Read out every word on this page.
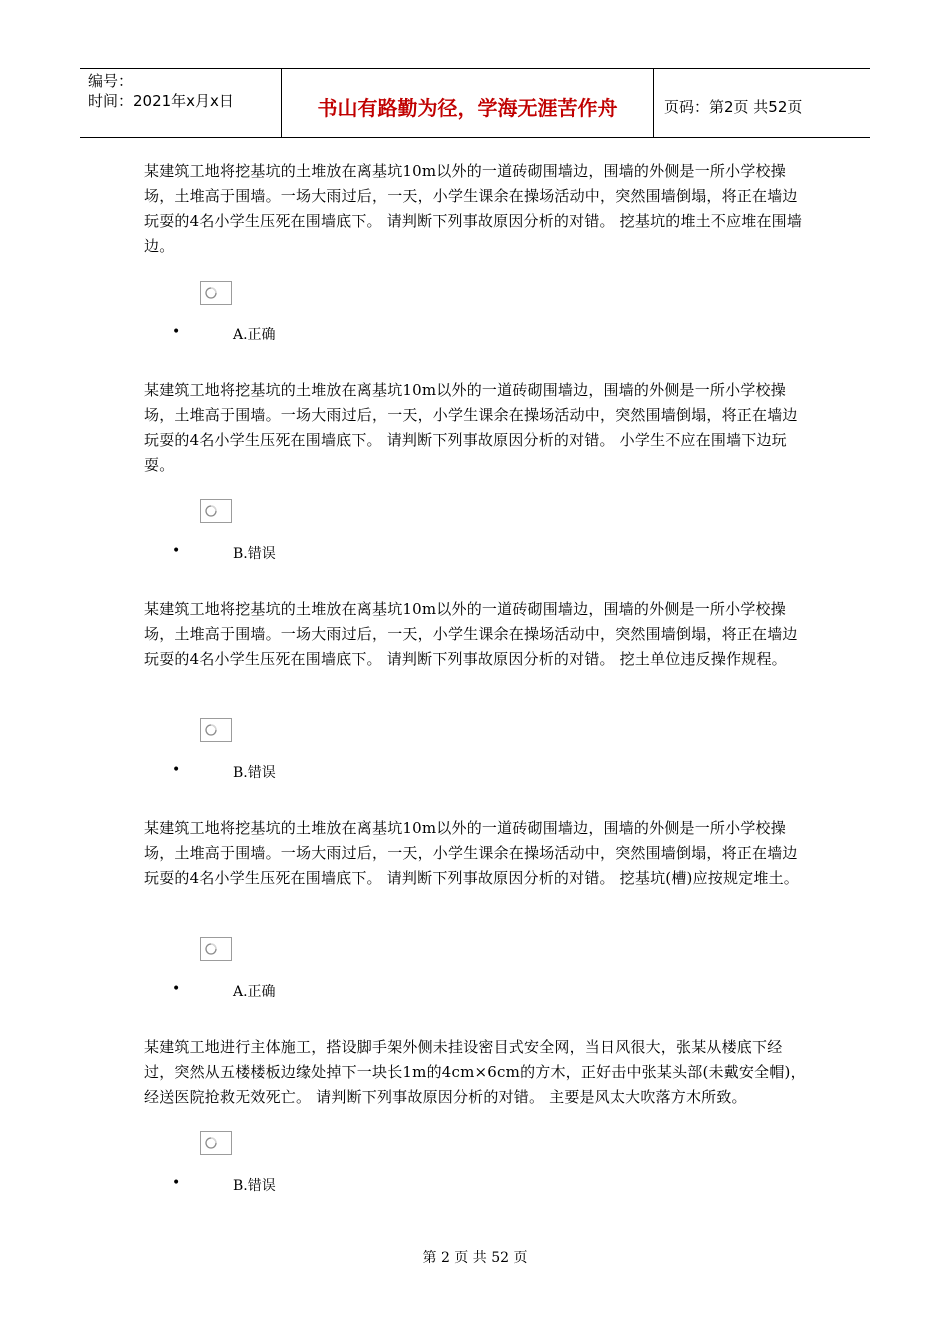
编号：
时间：2021年x月x日	书山有路勤为径，学海无涯苦作舟	页码：第2页 共52页
某建筑工地将挖基坑的土堆放在离基坑10m以外的一道砖砌围墙边，围墙的外侧是一所小学校操场，土堆高于围墙。一场大雨过后，一天，小学生课余在操场活动中，突然围墙倒塌，将正在墙边玩耍的4名小学生压死在围墙底下。 请判断下列事故原因分析的对错。 挖基坑的堆土不应堆在围墙边。
•	A.正确
某建筑工地将挖基坑的土堆放在离基坑10m以外的一道砖砌围墙边，围墙的外侧是一所小学校操场，土堆高于围墙。一场大雨过后，一天，小学生课余在操场活动中，突然围墙倒塌，将正在墙边玩耍的4名小学生压死在围墙底下。 请判断下列事故原因分析的对错。 小学生不应在围墙下边玩耍。
•	B.错误
某建筑工地将挖基坑的土堆放在离基坑10m以外的一道砖砌围墙边，围墙的外侧是一所小学校操场，土堆高于围墙。一场大雨过后，一天，小学生课余在操场活动中，突然围墙倒塌，将正在墙边玩耍的4名小学生压死在围墙底下。 请判断下列事故原因分析的对错。 挖土单位违反操作规程。
•	B.错误
某建筑工地将挖基坑的土堆放在离基坑10m以外的一道砖砌围墙边，围墙的外侧是一所小学校操场，土堆高于围墙。一场大雨过后，一天，小学生课余在操场活动中，突然围墙倒塌，将正在墙边玩耍的4名小学生压死在围墙底下。 请判断下列事故原因分析的对错。 挖基坑(槽)应按规定堆土。
•	A.正确
某建筑工地进行主体施工，搭设脚手架外侧未挂设密目式安全网，当日风很大，张某从楼底下经过，突然从五楼楼板边缘处掉下一块长1m的4cm×6cm的方木，正好击中张某头部(未戴安全帽)，经送医院抢救无效死亡。 请判断下列事故原因分析的对错。 主要是风太大吹落方木所致。
•	B.错误
第 2 页 共 52 页
